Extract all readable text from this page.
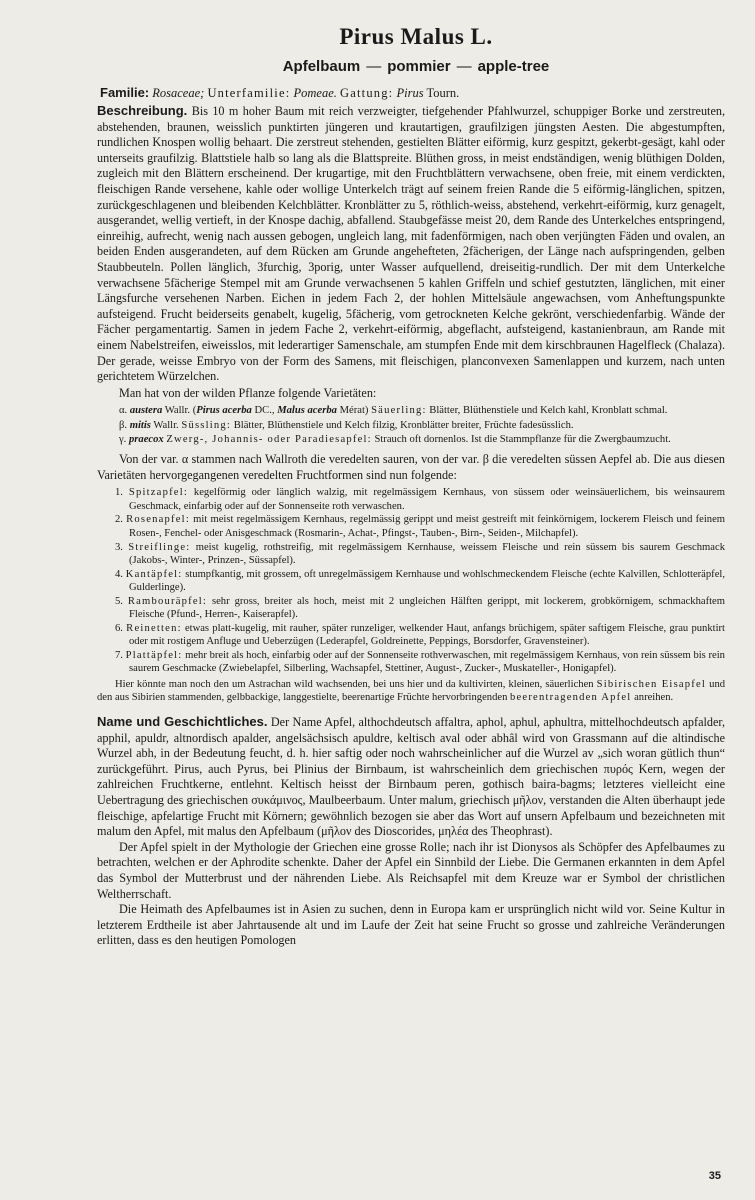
Pirus Malus L.
Apfelbaum — pommier — apple-tree

Familie: Rosaceae; Unterfamilie: Pomeae. Gattung: Pirus Tourn.

Beschreibung. Bis 10 m hoher Baum mit reich verzweigter, tiefgehender Pfahlwurzel, schuppiger Borke und zerstreuten, abstehenden, braunen, weisslich punktirten jüngeren und krautartigen, graufilzigen jüngsten Aesten. Die abgestumpften, rundlichen Knospen wollig behaart. Die zerstreut stehenden, gestielten Blätter eiförmig, kurz gespitzt, gekerbt-gesägt, kahl oder unterseits graufilzig. Blattstiele halb so lang als die Blattspreite. Blüthen gross, in meist endständigen, wenig blüthigen Dolden, zugleich mit den Blättern erscheinend. Der krugartige, mit den Fruchtblättern verwachsene, oben freie, mit einem verdickten, fleischigen Rande versehene, kahle oder wollige Unterkelch trägt auf seinem freien Rande die 5 eiförmig-länglichen, spitzen, zurückgeschlagenen und bleibenden Kelchblätter. Kronblätter zu 5, röthlich-weiss, abstehend, verkehrt-eiförmig, kurz genagelt, ausgerandet, wellig vertieft, in der Knospe dachig, abfallend. Staubgefässe meist 20, dem Rande des Unterkelches entspringend, einreihig, aufrecht, wenig nach aussen gebogen, ungleich lang, mit fadenförmigen, nach oben verjüngten Fäden und ovalen, an beiden Enden ausgerandeten, auf dem Rücken am Grunde angehefteten, 2fächerigen, der Länge nach aufspringenden, gelben Staubbeuteln. Pollen länglich, 3furchig, 3porig, unter Wasser aufquellend, dreiseitig-rundlich. Der mit dem Unterkelche verwachsene 5fächerige Stempel mit am Grunde verwachsenen 5 kahlen Griffeln und schief gestutzten, länglichen, mit einer Längsfurche versehenen Narben. Eichen in jedem Fach 2, der hohlen Mittelsäule angewachsen, vom Anheftungspunkte aufsteigend. Frucht beiderseits genabelt, kugelig, 5fächerig, vom getrockneten Kelche gekrönt, verschiedenfarbig. Wände der Fächer pergamentartig. Samen in jedem Fache 2, verkehrt-eiförmig, abgeflacht, aufsteigend, kastanienbraun, am Rande mit einem Nabelstreifen, eiweisslos, mit lederartiger Samenschale, am stumpfen Ende mit dem kirschbraunen Hagelfleck (Chalaza). Der gerade, weisse Embryo von der Form des Samens, mit fleischigen, planconvexen Samenlappen und kurzem, nach unten gerichtetem Würzelchen.

Man hat von der wilden Pflanze folgende Varietäten:

α. austera Wallr. (Pirus acerba DC., Malus acerba Mérat) Säuerling: Blätter, Blüthenstiele und Kelch kahl, Kronblatt schmal.
β. mitis Wallr. Süssling: Blätter, Blüthenstiele und Kelch filzig, Kronblätter breiter, Früchte fadesüsslich.
γ. praecox Zwerg-, Johannis- oder Paradiesapfel: Strauch oft dornenlos. Ist die Stammpflanze für die Zwergbaumzucht.

Von der var. α stammen nach Wallroth die veredelten sauren, von der var. β die veredelten süssen Aepfel ab. Die aus diesen Varietäten hervorgegangenen veredelten Fruchtformen sind nun folgende:

1. Spitzapfel: kegelförmig oder länglich walzig, mit regelmässigem Kernhaus, von süssem oder weinsäuerlichem, bis weinsaurem Geschmack, einfarbig oder auf der Sonnenseite roth verwaschen.
2. Rosenapfel: mit meist regelmässigem Kernhaus, regelmässig gerippt und meist gestreift mit feinkörnigem, lockerem Fleisch und feinem Rosen-, Fenchel- oder Anisgeschmack (Rosmarin-, Achat-, Pfingst-, Tauben-, Birn-, Seiden-, Milchapfel).
3. Streiflinge: meist kugelig, rothstreifig, mit regelmässigem Kernhause, weissem Fleische und rein süssem bis saurem Geschmack (Jakobs-, Winter-, Prinzen-, Süssapfel).
4. Kantäpfel: stumpfkantig, mit grossem, oft unregelmässigem Kernhause und wohlschmeckendem Fleische (echte Kalvillen, Schlotteräpfel, Gulderlinge).
5. Rambouräpfel: sehr gross, breiter als hoch, meist mit 2 ungleichen Hälften gerippt, mit lockerem, grobkörnigem, schmackhaftem Fleische (Pfund-, Herren-, Kaiserapfel).
6. Reinetten: etwas platt-kugelig, mit rauher, später runzeliger, welkender Haut, anfangs brüchigem, später saftigem Fleische, grau punktirt oder mit rostigem Anfluge und Ueberzügen (Lederapfel, Goldreinette, Peppings, Borsdorfer, Gravensteiner).
7. Plattäpfel: mehr breit als hoch, einfarbig oder auf der Sonnenseite rothverwaschen, mit regelmässigem Kernhaus, von rein süssem bis rein saurem Geschmacke (Zwiebelapfel, Silberling, Wachsapfel, Stettiner, August-, Zucker-, Muskateller-, Honigapfel).

Hier könnte man noch den um Astrachan wild wachsenden, bei uns hier und da kultivirten, kleinen, säuerlichen Sibirischen Eisapfel und den aus Sibirien stammenden, gelbbackige, langgestielte, beerenartige Früchte hervorbringenden beerentragenden Apfel anreihen.

Name und Geschichtliches. Der Name Apfel, althochdeutsch affaltra, aphol, aphul, aphultra, mittelhochdeutsch apfalder, apphil, apuldr, altnordisch apalder, angelsächsisch apuldre, keltisch aval oder abhâl wird von Grassmann auf die altindische Wurzel abh, in der Bedeutung feucht, d. h. hier saftig oder noch wahrscheinlicher auf die Wurzel av „sich woran gütlich thun“ zurückgeführt. Pirus, auch Pyrus, bei Plinius der Birnbaum, ist wahrscheinlich dem griechischen πυρός Kern, wegen der zahlreichen Fruchtkerne, entlehnt. Keltisch heisst der Birnbaum peren, gothisch baira-bagms; letzteres vielleicht eine Uebertragung des griechischen συκάμινος, Maulbeerbaum. Unter malum, griechisch μῆλον, verstanden die Alten überhaupt jede fleischige, apfelartige Frucht mit Körnern; gewöhnlich bezogen sie aber das Wort auf unsern Apfelbaum und bezeichneten mit malum den Apfel, mit malus den Apfelbaum (μῆλον des Dioscorides, μηλέα des Theophrast).

Der Apfel spielt in der Mythologie der Griechen eine grosse Rolle; nach ihr ist Dionysos als Schöpfer des Apfelbaumes zu betrachten, welchen er der Aphrodite schenkte. Daher der Apfel ein Sinnbild der Liebe. Die Germanen erkannten in dem Apfel das Symbol der Mutterbrust und der nährenden Liebe. Als Reichsapfel mit dem Kreuze war er Symbol der christlichen Weltherrschaft.

Die Heimath des Apfelbaumes ist in Asien zu suchen, denn in Europa kam er ursprünglich nicht wild vor. Seine Kultur in letzterem Erdtheile ist aber Jahrtausende alt und im Laufe der Zeit hat seine Frucht so grosse und zahlreiche Veränderungen erlitten, dass es den heutigen Pomologen

35
